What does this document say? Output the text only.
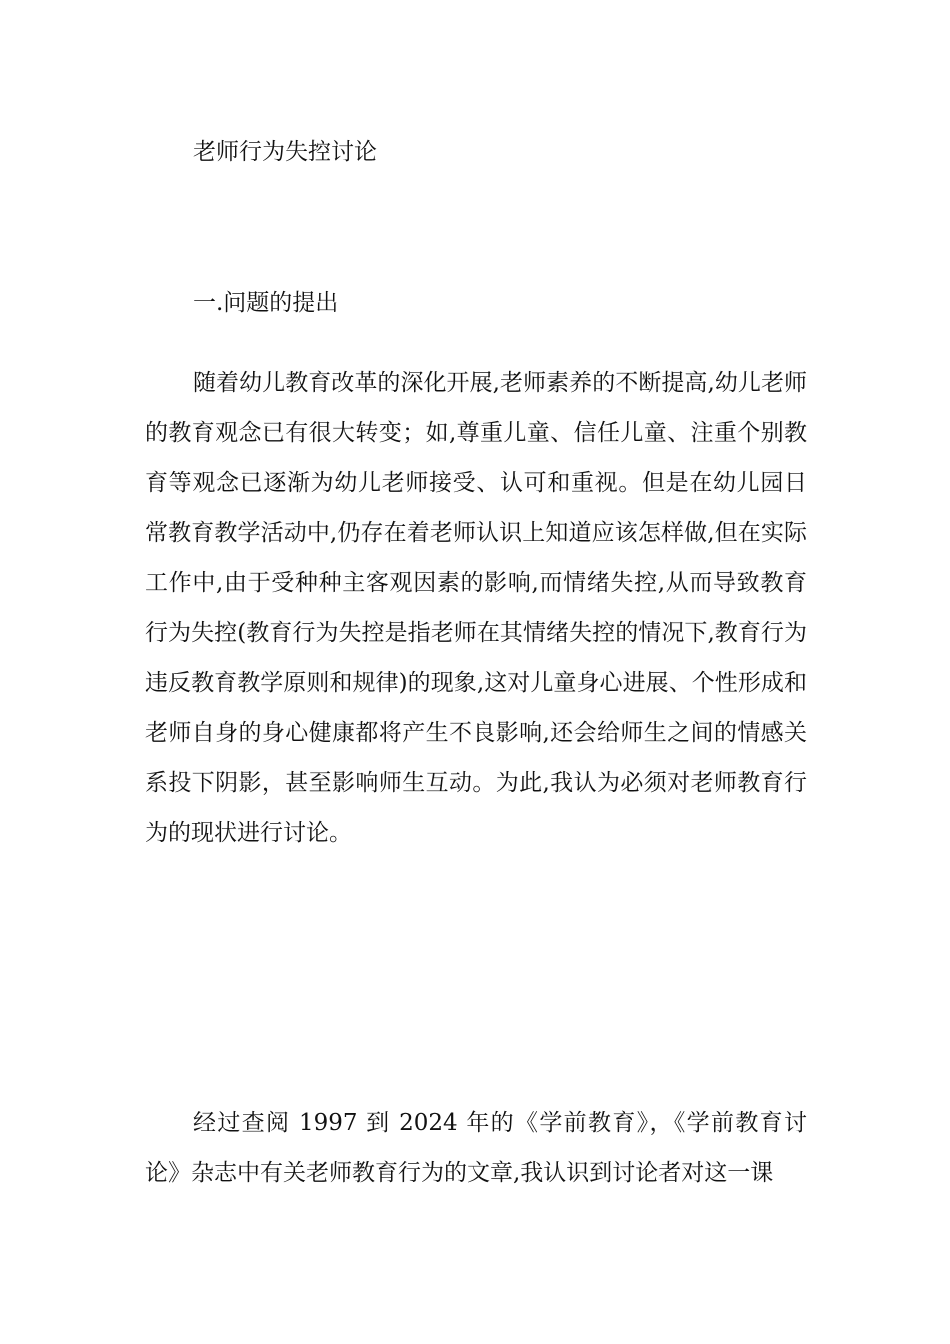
老师行为失控讨论
一.问题的提出

随着幼儿教育改革的深化开展,老师素养的不断提高,幼儿老师的教育观念已有很大转变；如,尊重儿童、信任儿童、注重个别教育等观念已逐渐为幼儿老师接受、认可和重视。但是在幼儿园日常教育教学活动中,仍存在着老师认识上知道应该怎样做,但在实际工作中,由于受种种主客观因素的影响,而情绪失控,从而导致教育行为失控(教育行为失控是指老师在其情绪失控的情况下,教育行为违反教育教学原则和规律)的现象,这对儿童身心进展、个性形成和老师自身的身心健康都将产生不良影响,还会给师生之间的情感关系投下阴影，甚至影响师生互动。为此,我认为必须对老师教育行为的现状进行讨论。

经过查阅 1997 到 2024 年的《学前教育》，《学前教育讨论》杂志中有关老师教育行为的文章,我认识到讨论者对这一课
